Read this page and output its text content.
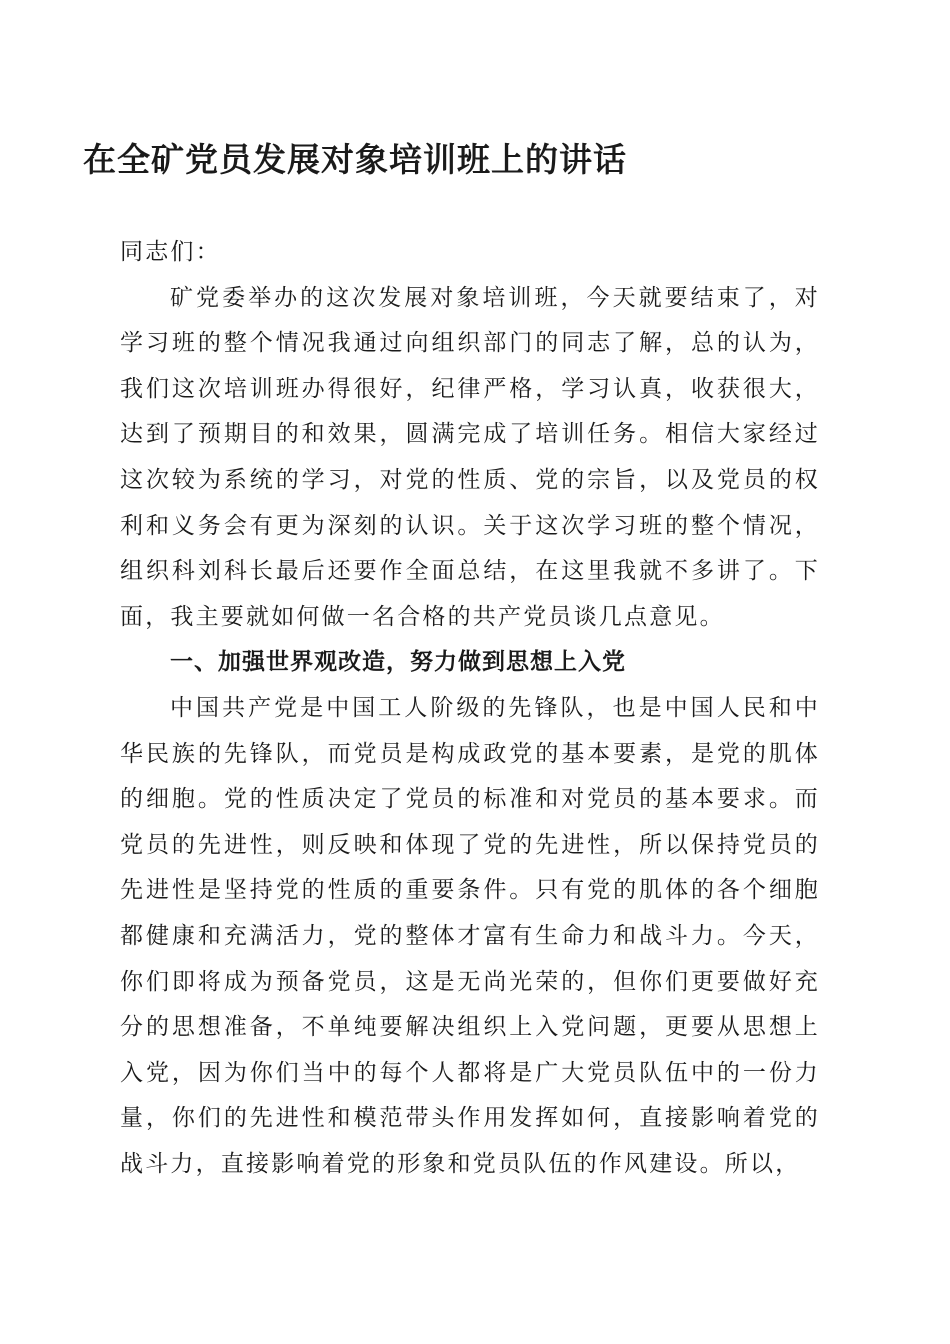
在全矿党员发展对象培训班上的讲话

同志们：

矿党委举办的这次发展对象培训班，今天就要结束了，对学习班的整个情况我通过向组织部门的同志了解，总的认为，我们这次培训班办得很好，纪律严格，学习认真，收获很大，达到了预期目的和效果，圆满完成了培训任务。相信大家经过这次较为系统的学习，对党的性质、党的宗旨，以及党员的权利和义务会有更为深刻的认识。关于这次学习班的整个情况，组织科刘科长最后还要作全面总结，在这里我就不多讲了。下面，我主要就如何做一名合格的共产党员谈几点意见。

一、加强世界观改造，努力做到思想上入党

中国共产党是中国工人阶级的先锋队，也是中国人民和中华民族的先锋队，而党员是构成政党的基本要素，是党的肌体的细胞。党的性质决定了党员的标准和对党员的基本要求。而党员的先进性，则反映和体现了党的先进性，所以保持党员的先进性是坚持党的性质的重要条件。只有党的肌体的各个细胞都健康和充满活力，党的整体才富有生命力和战斗力。今天，你们即将成为预备党员，这是无尚光荣的，但你们更要做好充分的思想准备，不单纯要解决组织上入党问题，更要从思想上入党，因为你们当中的每个人都将是广大党员队伍中的一份力量，你们的先进性和模范带头作用发挥如何，直接影响着党的战斗力，直接影响着党的形象和党员队伍的作风建设。所以，
